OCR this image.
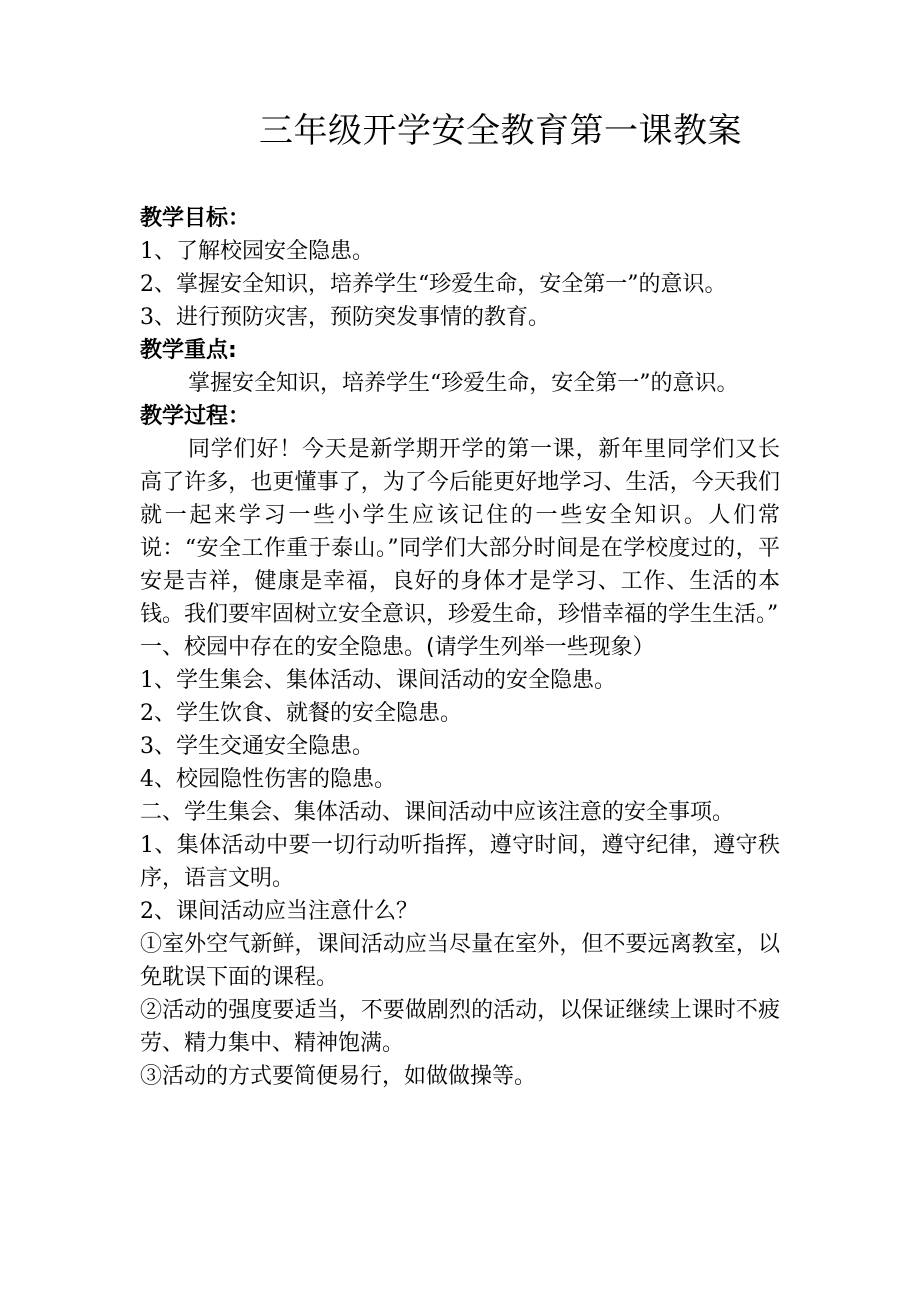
三年级开学安全教育第一课教案
教学目标：
1、了解校园安全隐患。
2、掌握安全知识，培养学生“珍爱生命，安全第一”的意识。
3、进行预防灾害，预防突发事情的教育。
教学重点:
掌握安全知识，培养学生“珍爱生命，安全第一”的意识。
教学过程：
同学们好！今天是新学期开学的第一课，新年里同学们又长高了许多，也更懂事了，为了今后能更好地学习、生活，今天我们就一起来学习一些小学生应该记住的一些安全知识。人们常说：“安全工作重于泰山。”同学们大部分时间是在学校度过的，平安是吉祥，健康是幸福，良好的身体才是学习、工作、生活的本钱。我们要牢固树立安全意识，珍爱生命，珍惜幸福的学生生活。”
一、校园中存在的安全隐患。(请学生列举一些现象）
1、学生集会、集体活动、课间活动的安全隐患。
2、学生饮食、就餐的安全隐患。
3、学生交通安全隐患。
4、校园隐性伤害的隐患。
二、学生集会、集体活动、课间活动中应该注意的安全事项。
1、集体活动中要一切行动听指挥，遵守时间，遵守纪律，遵守秩序，语言文明。
2、课间活动应当注意什么？
①室外空气新鲜，课间活动应当尽量在室外，但不要远离教室，以免耽误下面的课程。
②活动的强度要适当，不要做剧烈的活动，以保证继续上课时不疲劳、精力集中、精神饱满。
③活动的方式要简便易行，如做做操等。
